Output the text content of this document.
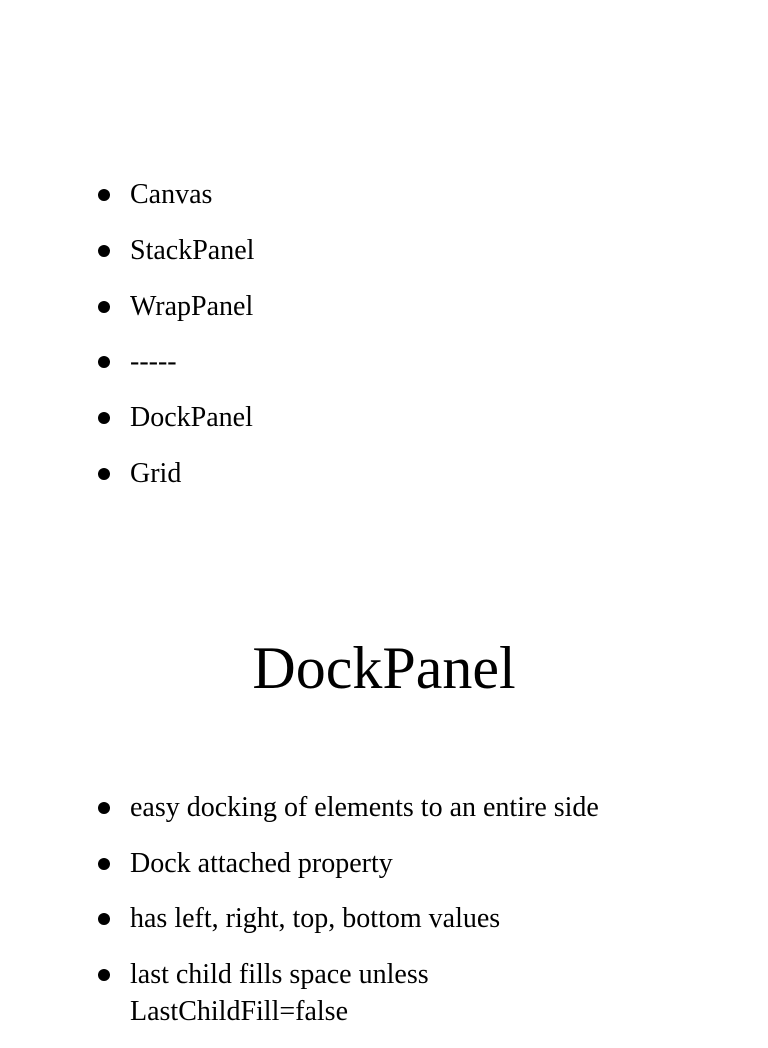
Canvas
StackPanel
WrapPanel
-----
DockPanel
Grid
DockPanel
easy docking of elements to an entire side
Dock attached property
has left, right, top, bottom values
last child fills space unless
LastChildFill=false
